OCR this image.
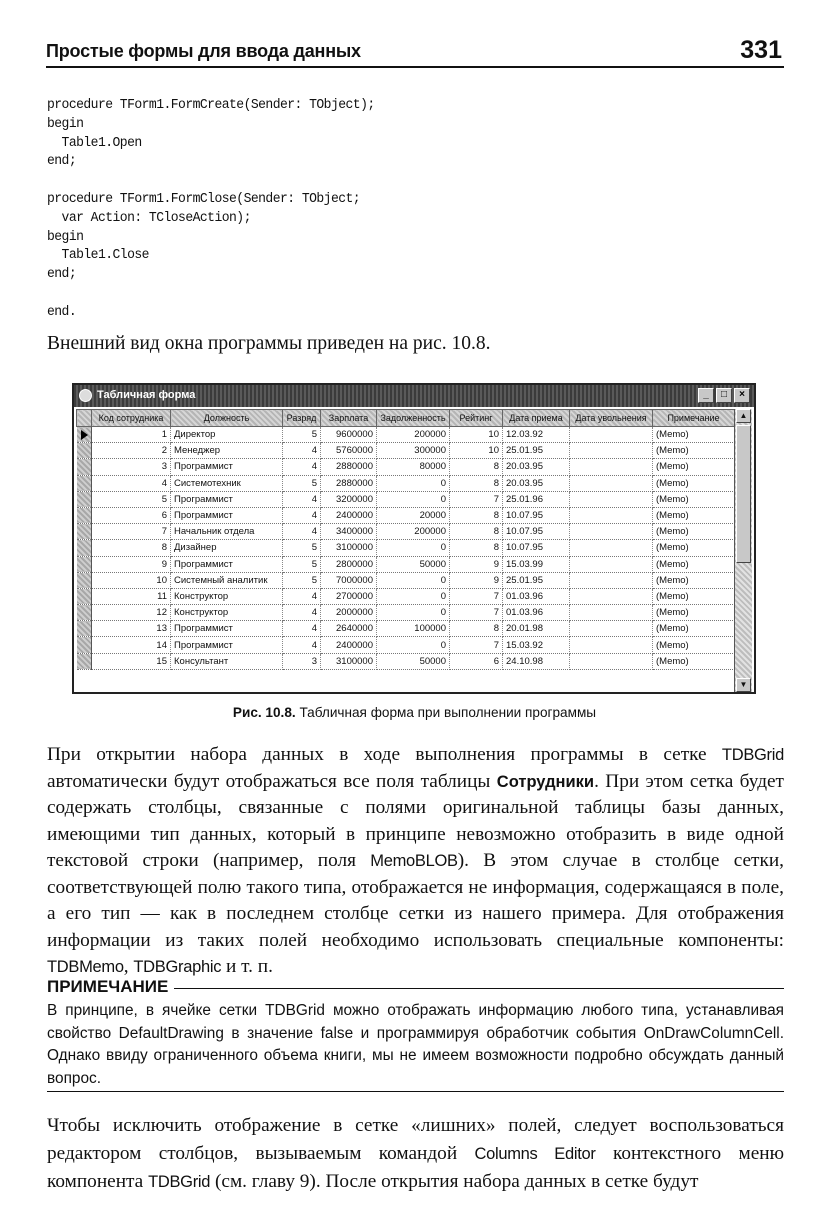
Простые формы для ввода данных	331
procedure TForm1.FormCreate(Sender: TObject);
begin
Table1.Open
end;

procedure TForm1.FormClose(Sender: TObject;
var Action: TCloseAction);
begin
Table1.Close
end;

end.
Внешний вид окна программы приведен на рис. 10.8.
Табличная форма	_	□	×
	Код сотрудника	Должность	Разряд	Зарплата	Задолженность	Рейтинг	Дата приема	Дата увольнения	Примечание
	1	Директор	5	9600000	200000	10	12.03.92		(Memo)
	2	Менеджер	4	5760000	300000	10	25.01.95		(Memo)
	3	Программист	4	2880000	80000	8	20.03.95		(Memo)
	4	Системотехник	5	2880000	0	8	20.03.95		(Memo)
	5	Программист	4	3200000	0	7	25.01.96		(Memo)
	6	Программист	4	2400000	20000	8	10.07.95		(Memo)
	7	Начальник отдела	4	3400000	200000	8	10.07.95		(Memo)
	8	Дизайнер	5	3100000	0	8	10.07.95		(Memo)
	9	Программист	5	2800000	50000	9	15.03.99		(Memo)
	10	Системный аналитик	5	7000000	0	9	25.01.95		(Memo)
	11	Конструктор	4	2700000	0	7	01.03.96		(Memo)
	12	Конструктор	4	2000000	0	7	01.03.96		(Memo)
	13	Программист	4	2640000	100000	8	20.01.98		(Memo)
	14	Программист	4	2400000	0	7	15.03.92		(Memo)
	15	Консультант	3	3100000	50000	6	24.10.98		(Memo)
▲
▼
Рис. 10.8. Табличная форма при выполнении программы
При открытии набора данных в ходе выполнения программы в сетке TDBGrid автоматически будут отображаться все поля таблицы Сотрудники. При этом сетка будет содержать столбцы, связанные с полями оригинальной таблицы базы данных, имеющими тип данных, который в принципе невозможно отобразить в виде одной текстовой строки (например, поля MemoBLOB). В этом случае в столбце сетки, соответствующей полю такого типа, отображается не информация, содержащаяся в поле, а его тип — как в последнем столбце сетки из нашего примера. Для отображения информации из таких полей необходимо использовать специальные компоненты: TDBMemo, TDBGraphic и т. п.
ПРИМЕЧАНИЕ
В принципе, в ячейке сетки TDBGrid можно отображать информацию любого типа, устанавливая свойство DefaultDrawing в значение false и программируя обработчик события OnDrawColumnCell. Однако ввиду ограниченного объема книги, мы не имеем возможности подробно обсуждать данный вопрос.
Чтобы исключить отображение в сетке «лишних» полей, следует воспользоваться редактором столбцов, вызываемым командой Columns Editor контекстного меню компонента TDBGrid (см. главу 9). После открытия набора данных в сетке будут
